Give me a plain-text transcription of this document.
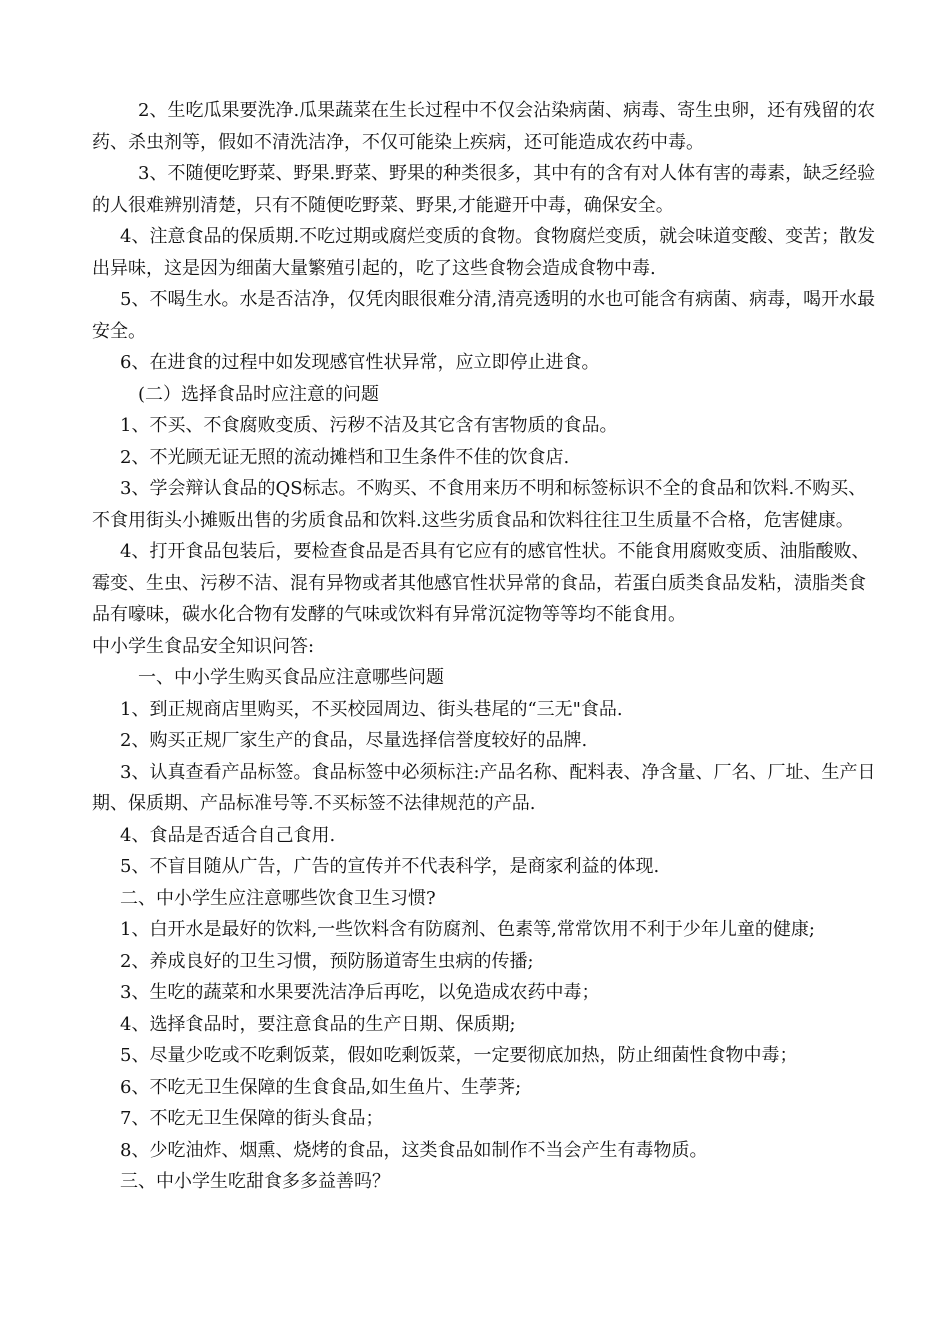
2、生吃瓜果要洗净.瓜果蔬菜在生长过程中不仅会沾染病菌、病毒、寄生虫卵，还有残留的农药、杀虫剂等，假如不清洗洁净，不仅可能染上疾病，还可能造成农药中毒。

3、不随便吃野菜、野果.野菜、野果的种类很多，其中有的含有对人体有害的毒素，缺乏经验的人很难辨别清楚，只有不随便吃野菜、野果,才能避开中毒，确保安全。

4、注意食品的保质期.不吃过期或腐烂变质的食物。食物腐烂变质，就会味道变酸、变苦；散发出异味，这是因为细菌大量繁殖引起的，吃了这些食物会造成食物中毒.

5、不喝生水。水是否洁净，仅凭肉眼很难分清,清亮透明的水也可能含有病菌、病毒，喝开水最安全。

6、在进食的过程中如发现感官性状异常，应立即停止进食。

(二）选择食品时应注意的问题

1、不买、不食腐败变质、污秽不洁及其它含有害物质的食品。

2、不光顾无证无照的流动摊档和卫生条件不佳的饮食店.

3、学会辩认食品的QS标志。不购买、不食用来历不明和标签标识不全的食品和饮料.不购买、不食用街头小摊贩出售的劣质食品和饮料.这些劣质食品和饮料往往卫生质量不合格，危害健康。

4、打开食品包装后，要检查食品是否具有它应有的感官性状。不能食用腐败变质、油脂酸败、霉变、生虫、污秽不洁、混有异物或者其他感官性状异常的食品，若蛋白质类食品发粘，渍脂类食品有嚎味，碳水化合物有发酵的气味或饮料有异常沉淀物等等均不能食用。

中小学生食品安全知识问答:

一、中小学生购买食品应注意哪些问题

1、到正规商店里购买，不买校园周边、街头巷尾的“三无"食品.

2、购买正规厂家生产的食品，尽量选择信誉度较好的品牌.

3、认真查看产品标签。食品标签中必须标注:产品名称、配料表、净含量、厂名、厂址、生产日期、保质期、产品标准号等.不买标签不法律规范的产品.

4、食品是否适合自己食用.

5、不盲目随从广告，广告的宣传并不代表科学，是商家利益的体现.

二、中小学生应注意哪些饮食卫生习惯?

1、白开水是最好的饮料,一些饮料含有防腐剂、色素等,常常饮用不利于少年儿童的健康;

2、养成良好的卫生习惯，预防肠道寄生虫病的传播;

3、生吃的蔬菜和水果要洗洁净后再吃，以免造成农药中毒；

4、选择食品时，要注意食品的生产日期、保质期;

5、尽量少吃或不吃剩饭菜，假如吃剩饭菜，一定要彻底加热，防止细菌性食物中毒；

6、不吃无卫生保障的生食食品,如生鱼片、生荸荠;

7、不吃无卫生保障的街头食品；

8、少吃油炸、烟熏、烧烤的食品，这类食品如制作不当会产生有毒物质。

三、中小学生吃甜食多多益善吗？
